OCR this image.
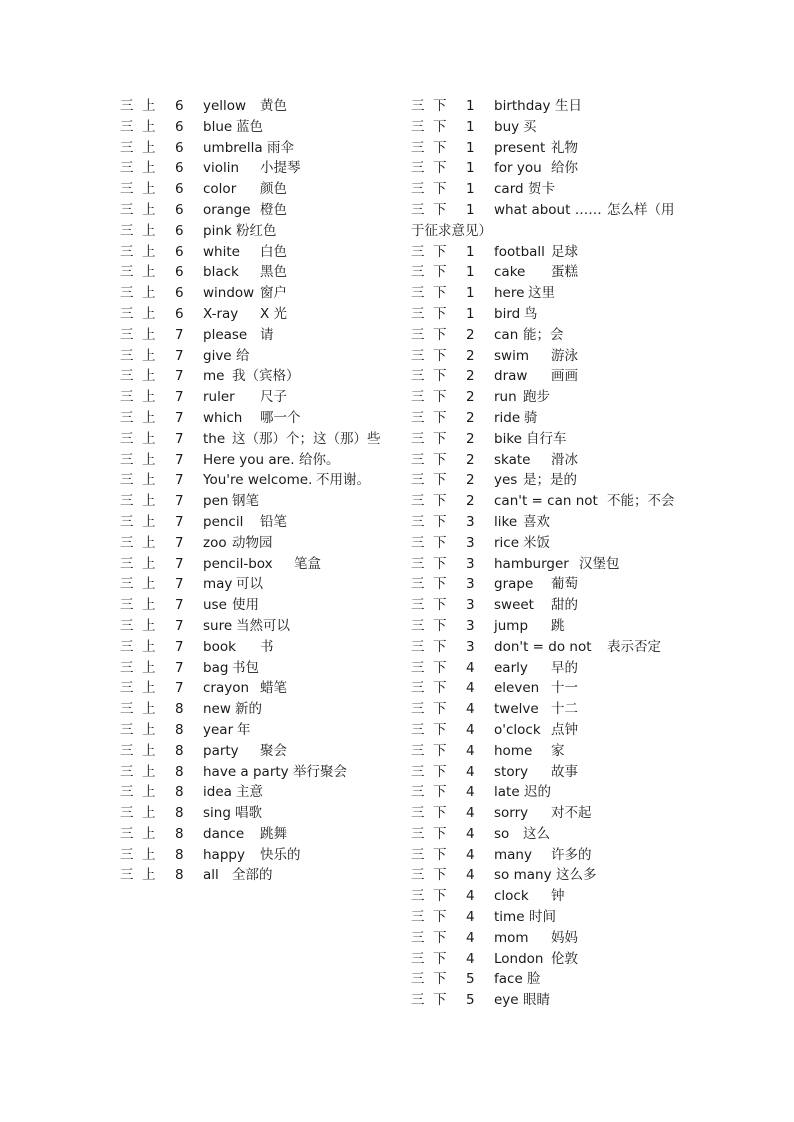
三 上 6 yellow 黄色
三 上 6 blue 蓝色
三 上 6 umbrella 雨伞
三 上 6 violin 小提琴
三 上 6 color 颜色
三 上 6 orange 橙色
三 上 6 pink 粉红色
三 上 6 white 白色
三 上 6 black 黑色
三 上 6 window 窗户
三 上 6 X-ray X 光
三 上 7 please 请
三 上 7 give 给
三 上 7 me 我（宾格）
三 上 7 ruler 尺子
三 上 7 which 哪一个
三 上 7 the 这（那）个；这（那）些
三 上 7 Here you are. 给你。
三 上 7 You're welcome. 不用谢。
三 上 7 pen 钢笔
三 上 7 pencil 铅笔
三 上 7 zoo 动物园
三 上 7 pencil-box 笔盒
三 上 7 may 可以
三 上 7 use 使用
三 上 7 sure 当然可以
三 上 7 book 书
三 上 7 bag 书包
三 上 7 crayon 蜡笔
三 上 8 new 新的
三 上 8 year 年
三 上 8 party 聚会
三 上 8 have a party 举行聚会
三 上 8 idea 主意
三 上 8 sing 唱歌
三 上 8 dance 跳舞
三 上 8 happy 快乐的
三 上 8 all 全部的
三 下 1 birthday 生日
三 下 1 buy 买
三 下 1 present 礼物
三 下 1 for you 给你
三 下 1 card 贺卡
三 下 1 what about …… 怎么样（用
于征求意见）
三 下 1 football 足球
三 下 1 cake 蛋糕
三 下 1 here 这里
三 下 1 bird 鸟
三 下 2 can 能；会
三 下 2 swim 游泳
三 下 2 draw 画画
三 下 2 run 跑步
三 下 2 ride 骑
三 下 2 bike 自行车
三 下 2 skate 滑冰
三 下 2 yes 是；是的
三 下 2 can't = can not 不能；不会
三 下 3 like 喜欢
三 下 3 rice 米饭
三 下 3 hamburger 汉堡包
三 下 3 grape 葡萄
三 下 3 sweet 甜的
三 下 3 jump 跳
三 下 3 don't = do not 表示否定
三 下 4 early 早的
三 下 4 eleven 十一
三 下 4 twelve 十二
三 下 4 o'clock 点钟
三 下 4 home 家
三 下 4 story 故事
三 下 4 late 迟的
三 下 4 sorry 对不起
三 下 4 so 这么
三 下 4 many 许多的
三 下 4 so many 这么多
三 下 4 clock 钟
三 下 4 time 时间
三 下 4 mom 妈妈
三 下 4 London 伦敦
三 下 5 face 脸
三 下 5 eye 眼睛
